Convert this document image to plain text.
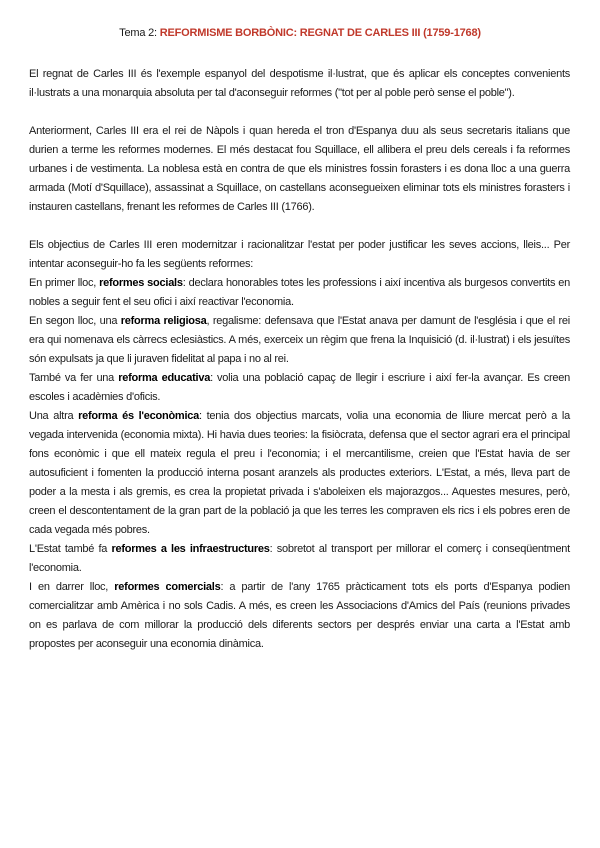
Tema 2: REFORMISME BORBÒNIC: REGNAT DE CARLES III (1759-1768)

El regnat de Carles III és l'exemple espanyol del despotisme il·lustrat, que és aplicar els conceptes convenients il·lustrats a una monarquia absoluta per tal d'aconseguir reformes ("tot per al poble però sense el poble").

Anteriorment, Carles III era el rei de Nàpols i quan hereda el tron d'Espanya duu als seus secretaris italians que durien a terme les reformes modernes. El més destacat fou Squillace, ell allibera el preu dels cereals i fa reformes urbanes i de vestimenta. La noblesa està en contra de que els ministres fossin forasters i es dona lloc a una guerra armada (Motí d'Squillace), assassinat a Squillace, on castellans aconsegueixen eliminar tots els ministres forasters i instauren castellans, frenant les reformes de Carles III (1766).

Els objectius de Carles III eren modernitzar i racionalitzar l'estat per poder justificar les seves accions, lleis... Per intentar aconseguir-ho fa les següents reformes:

En primer lloc, reformes socials: declara honorables totes les professions i així incentiva als burgesos convertits en nobles a seguir fent el seu ofici i així reactivar l'economia.

En segon lloc, una reforma religiosa, regalisme: defensava que l'Estat anava per damunt de l'església i que el rei era qui nomenava els càrrecs eclesiàstics. A més, exerceix un règim que frena la Inquisició (d. il·lustrat) i els jesuïtes són expulsats ja que li juraven fidelitat al papa i no al rei.

També va fer una reforma educativa: volia una població capaç de llegir i escriure i així fer-la avançar. Es creen escoles i acadèmies d'oficis.

Una altra reforma és l'econòmica: tenia dos objectius marcats, volia una economia de lliure mercat però a la vegada intervenida (economia mixta). Hi havia dues teories: la fisiòcrata, defensa que el sector agrari era el principal fons econòmic i que ell mateix regula el preu i l'economia; i el mercantilisme, creien que l'Estat havia de ser autosuficient i fomenten la producció interna posant aranzels als productes exteriors. L'Estat, a més, lleva part de poder a la mesta i als gremis, es crea la propietat privada i s'aboleixen els majorazgos... Aquestes mesures, però, creen el descontentament de la gran part de la població ja que les terres les compraven els rics i els pobres eren de cada vegada més pobres.

L'Estat també fa reformes a les infraestructures: sobretot al transport per millorar el comerç i conseqüentment l'economia.

I en darrer lloc, reformes comercials: a partir de l'any 1765 pràcticament tots els ports d'Espanya podien comercialitzar amb Amèrica i no sols Cadis. A més, es creen les Associacions d'Amics del País (reunions privades on es parlava de com millorar la producció dels diferents sectors per després enviar una carta a l'Estat amb propostes per aconseguir una economia dinàmica.
